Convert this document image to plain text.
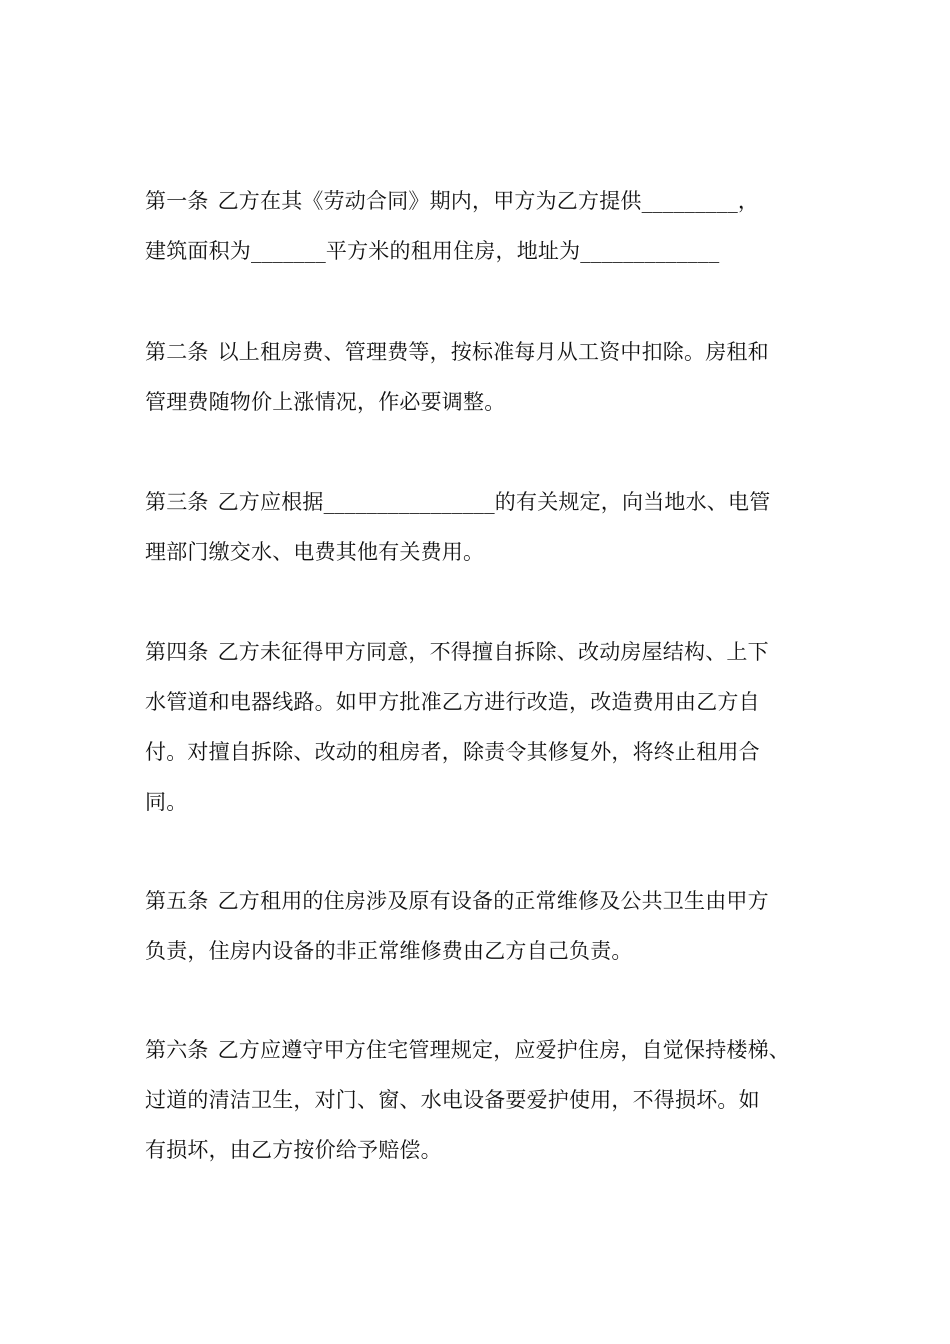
第一条 乙方在其《劳动合同》期内，甲方为乙方提供_________，
建筑面积为_______平方米的租用住房，地址为_____________
第二条 以上租房费、管理费等，按标准每月从工资中扣除。房租和
管理费随物价上涨情况，作必要调整。
第三条 乙方应根据________________的有关规定，向当地水、电管
理部门缴交水、电费其他有关费用。
第四条 乙方未征得甲方同意，不得擅自拆除、改动房屋结构、上下
水管道和电器线路。如甲方批准乙方进行改造，改造费用由乙方自
付。对擅自拆除、改动的租房者，除责令其修复外，将终止租用合
同。
第五条 乙方租用的住房涉及原有设备的正常维修及公共卫生由甲方
负责，住房内设备的非正常维修费由乙方自己负责。
第六条 乙方应遵守甲方住宅管理规定，应爱护住房，自觉保持楼梯、
过道的清洁卫生，对门、窗、水电设备要爱护使用，不得损坏。如
有损坏，由乙方按价给予赔偿。
